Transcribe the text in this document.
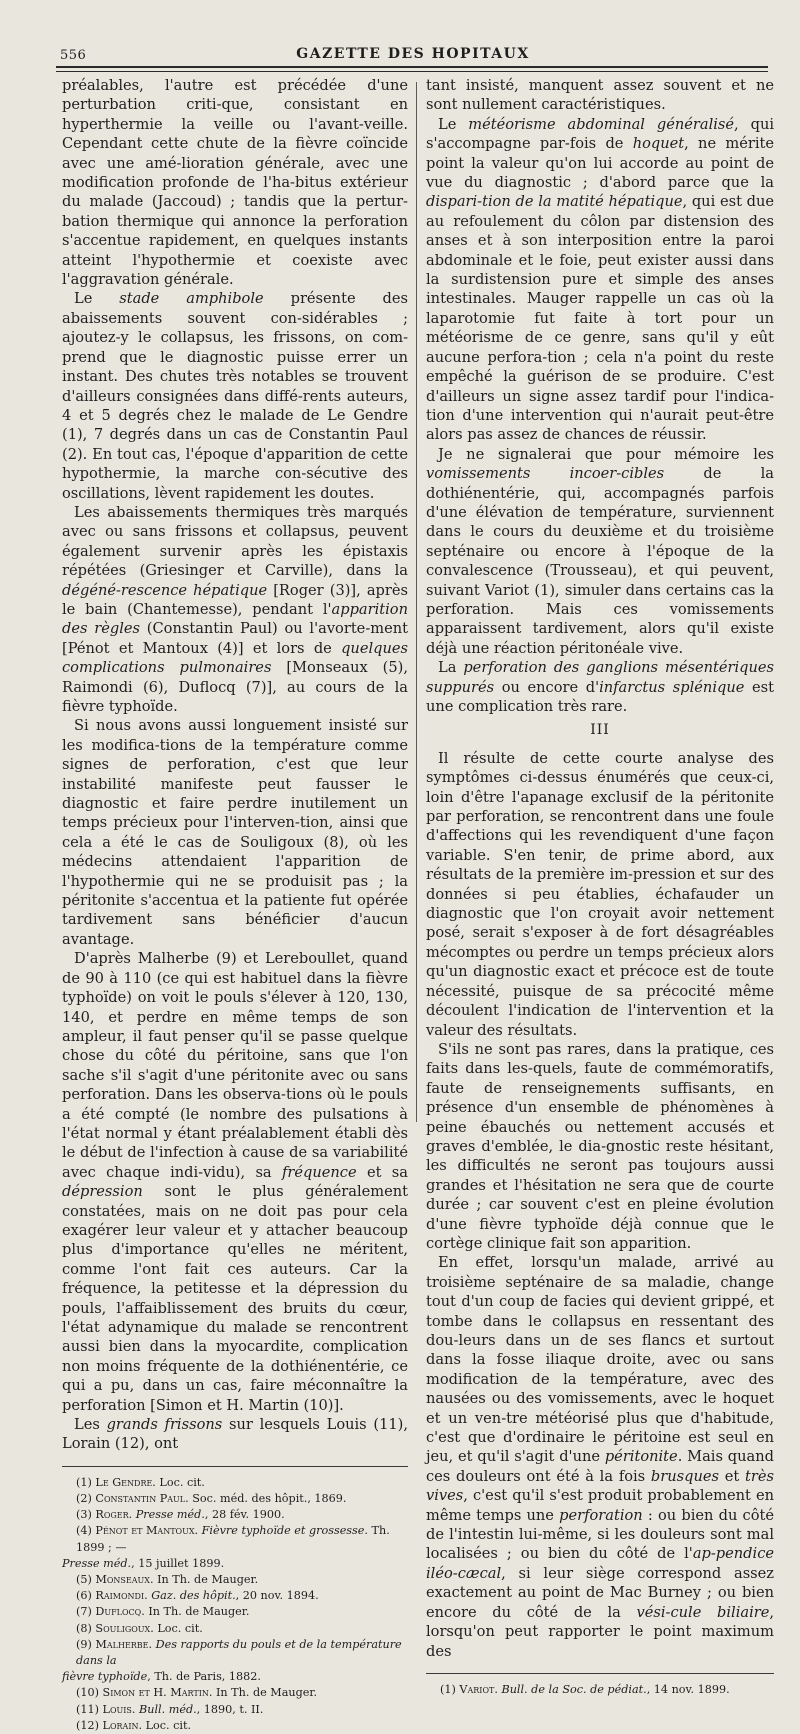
556	GAZETTE DES HOPITAUX

préalables, l'autre est précédée d'une perturbation criti-que, consistant en hyperthermie la veille ou l'avant-veille. Cependant cette chute de la fièvre coïncide avec une amé-lioration générale, avec une modification profonde de l'ha-bitus extérieur du malade (Jaccoud) ; tandis que la pertur-bation thermique qui annonce la perforation s'accentue rapidement, en quelques instants atteint l'hypothermie et coexiste avec l'aggravation générale.

Le stade amphibole présente des abaissements souvent con-sidérables ; ajoutez-y le collapsus, les frissons, on com-prend que le diagnostic puisse errer un instant. Des chutes très notables se trouvent d'ailleurs consignées dans diffé-rents auteurs, 4 et 5 degrés chez le malade de Le Gendre (1), 7 degrés dans un cas de Constantin Paul (2). En tout cas, l'époque d'apparition de cette hypothermie, la marche con-sécutive des oscillations, lèvent rapidement les doutes.

Les abaissements thermiques très marqués avec ou sans frissons et collapsus, peuvent également survenir après les épistaxis répétées (Griesinger et Carville), dans la dégéné-rescence hépatique [Roger (3)], après le bain (Chantemesse), pendant l'apparition des règles (Constantin Paul) ou l'avorte-ment [Pénot et Mantoux (4)] et lors de quelques complications pulmonaires [Monseaux (5), Raimondi (6), Duflocq (7)], au cours de la fièvre typhoïde.

Si nous avons aussi longuement insisté sur les modifica-tions de la température comme signes de perforation, c'est que leur instabilité manifeste peut fausser le diagnostic et faire perdre inutilement un temps précieux pour l'interven-tion, ainsi que cela a été le cas de Souligoux (8), où les médecins attendaient l'apparition de l'hypothermie qui ne se produisit pas ; la péritonite s'accentua et la patiente fut opérée tardivement sans bénéficier d'aucun avantage.

D'après Malherbe (9) et Lereboullet, quand de 90 à 110 (ce qui est habituel dans la fièvre typhoïde) on voit le pouls s'élever à 120, 130, 140, et perdre en même temps de son ampleur, il faut penser qu'il se passe quelque chose du côté du péritoine, sans que l'on sache s'il s'agit d'une péritonite avec ou sans perforation. Dans les observa-tions où le pouls a été compté (le nombre des pulsations à l'état normal y étant préalablement établi dès le début de l'infection à cause de sa variabilité avec chaque indi-vidu), sa fréquence et sa dépression sont le plus généralement constatées, mais on ne doit pas pour cela exagérer leur valeur et y attacher beaucoup plus d'importance qu'elles ne méritent, comme l'ont fait ces auteurs. Car la fréquence, la petitesse et la dépression du pouls, l'affaiblissement des bruits du cœur, l'état adynamique du malade se rencontrent aussi bien dans la myocardite, complication non moins fréquente de la dothiénentérie, ce qui a pu, dans un cas, faire méconnaître la perforation [Simon et H. Martin (10)].

Les grands frissons sur lesquels Louis (11), Lorain (12), ont

(1) Le Gendre. Loc. cit.
(2) Constantin Paul. Soc. méd. des hôpit., 1869.
(3) Roger. Presse méd., 28 fév. 1900.
(4) Pénot et Mantoux. Fièvre typhoïde et grossesse. Th. 1899 ; —
Presse méd., 15 juillet 1899.
(5) Monseaux. In Th. de Mauger.
(6) Raimondi. Gaz. des hôpit., 20 nov. 1894.
(7) Duflocq. In Th. de Mauger.
(8) Souligoux. Loc. cit.
(9) Malherbe. Des rapports du pouls et de la température dans la
fièvre typhoïde, Th. de Paris, 1882.
(10) Simon et H. Martin. In Th. de Mauger.
(11) Louis. Bull. méd., 1890, t. II.
(12) Lorain. Loc. cit.

tant insisté, manquent assez souvent et ne sont nullement caractéristiques.

Le météorisme abdominal généralisé, qui s'accompagne par-fois de hoquet, ne mérite point la valeur qu'on lui accorde au point de vue du diagnostic ; d'abord parce que la dispari-tion de la matité hépatique, qui est due au refoulement du côlon par distension des anses et à son interposition entre la paroi abdominale et le foie, peut exister aussi dans la surdistension pure et simple des anses intestinales. Mauger rappelle un cas où la laparotomie fut faite à tort pour un météorisme de ce genre, sans qu'il y eût aucune perfora-tion ; cela n'a point du reste empêché la guérison de se produire. C'est d'ailleurs un signe assez tardif pour l'indica-tion d'une intervention qui n'aurait peut-être alors pas assez de chances de réussir.

Je ne signalerai que pour mémoire les vomissements incoer-cibles de la dothiénentérie, qui, accompagnés parfois d'une élévation de température, surviennent dans le cours du deuxième et du troisième septénaire ou encore à l'époque de la convalescence (Trousseau), et qui peuvent, suivant Variot (1), simuler dans certains cas la perforation. Mais ces vomissements apparaissent tardivement, alors qu'il existe déjà une réaction péritonéale vive.

La perforation des ganglions mésentériques suppurés ou encore d'infarctus splénique est une complication très rare.

III

Il résulte de cette courte analyse des symptômes ci-dessus énumérés que ceux-ci, loin d'être l'apanage exclusif de la péritonite par perforation, se rencontrent dans une foule d'affections qui les revendiquent d'une façon variable. S'en tenir, de prime abord, aux résultats de la première im-pression et sur des données si peu établies, échafauder un diagnostic que l'on croyait avoir nettement posé, serait s'exposer à de fort désagréables mécomptes ou perdre un temps précieux alors qu'un diagnostic exact et précoce est de toute nécessité, puisque de sa précocité même découlent l'indication de l'intervention et la valeur des résultats.

S'ils ne sont pas rares, dans la pratique, ces faits dans les-quels, faute de commémoratifs, faute de renseignements suffisants, en présence d'un ensemble de phénomènes à peine ébauchés ou nettement accusés et graves d'emblée, le dia-gnostic reste hésitant, les difficultés ne seront pas toujours aussi grandes et l'hésitation ne sera que de courte durée ; car souvent c'est en pleine évolution d'une fièvre typhoïde déjà connue que le cortège clinique fait son apparition.

En effet, lorsqu'un malade, arrivé au troisième septénaire de sa maladie, change tout d'un coup de facies qui devient grippé, et tombe dans le collapsus en ressentant des dou-leurs dans un de ses flancs et surtout dans la fosse iliaque droite, avec ou sans modification de la température, avec des nausées ou des vomissements, avec le hoquet et un ven-tre météorisé plus que d'habitude, c'est que d'ordinaire le péritoine est seul en jeu, et qu'il s'agit d'une péritonite. Mais quand ces douleurs ont été à la fois brusques et très vives, c'est qu'il s'est produit probablement en même temps une perforation : ou bien du côté de l'intestin lui-même, si les douleurs sont mal localisées ; ou bien du côté de l'ap-pendice iléo-cæcal, si leur siège correspond assez exactement au point de Mac Burney ; ou bien encore du côté de la vési-cule biliaire, lorsqu'on peut rapporter le point maximum des

(1) Variot. Bull. de la Soc. de pédiat., 14 nov. 1899.
